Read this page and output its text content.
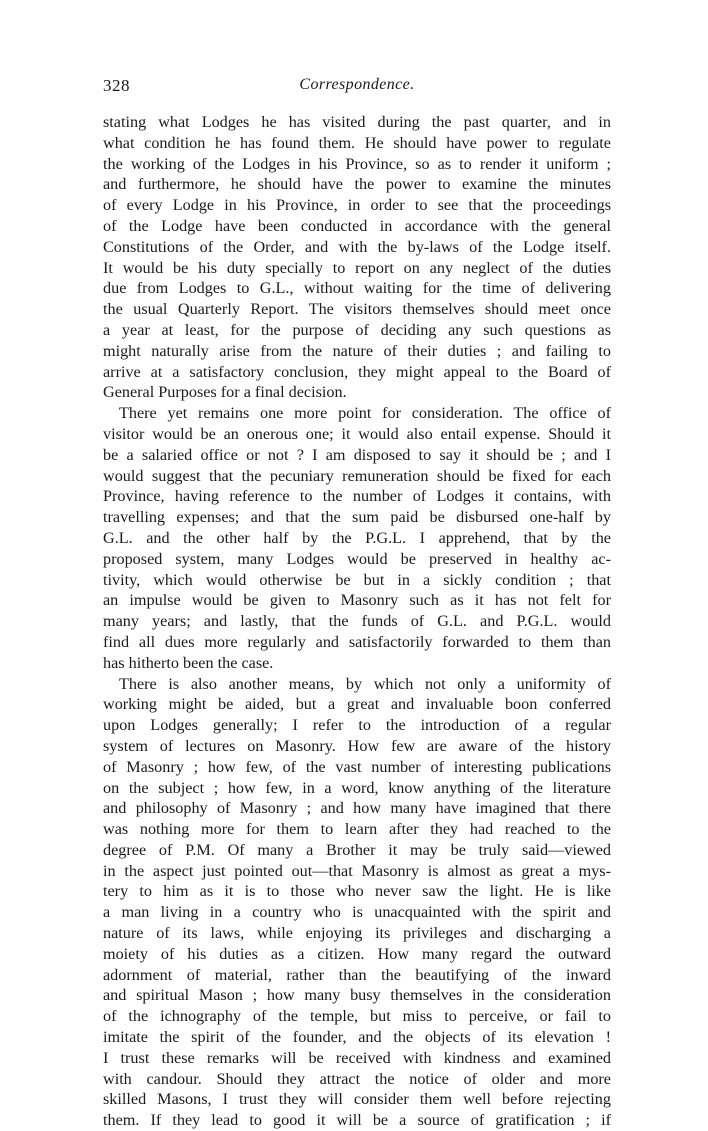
328	Correspondence.
stating what Lodges he has visited during the past quarter, and in
what condition he has found them. He should have power to regulate
the working of the Lodges in his Province, so as to render it uniform ;
and furthermore, he should have the power to examine the minutes
of every Lodge in his Province, in order to see that the proceedings
of the Lodge have been conducted in accordance with the general
Constitutions of the Order, and with the by-laws of the Lodge itself.
It would be his duty specially to report on any neglect of the duties
due from Lodges to G.L., without waiting for the time of delivering
the usual Quarterly Report. The visitors themselves should meet once
a year at least, for the purpose of deciding any such questions as
might naturally arise from the nature of their duties ; and failing to
arrive at a satisfactory conclusion, they might appeal to the Board of
General Purposes for a final decision.
There yet remains one more point for consideration. The office of
visitor would be an onerous one; it would also entail expense. Should it
be a salaried office or not ? I am disposed to say it should be ; and I
would suggest that the pecuniary remuneration should be fixed for each
Province, having reference to the number of Lodges it contains, with
travelling expenses; and that the sum paid be disbursed one-half by
G.L. and the other half by the P.G.L. I apprehend, that by the
proposed system, many Lodges would be preserved in healthy ac-
tivity, which would otherwise be but in a sickly condition ; that
an impulse would be given to Masonry such as it has not felt for
many years; and lastly, that the funds of G.L. and P.G.L. would
find all dues more regularly and satisfactorily forwarded to them than
has hitherto been the case.
There is also another means, by which not only a uniformity of
working might be aided, but a great and invaluable boon conferred
upon Lodges generally; I refer to the introduction of a regular
system of lectures on Masonry. How few are aware of the history
of Masonry ; how few, of the vast number of interesting publications
on the subject ; how few, in a word, know anything of the literature
and philosophy of Masonry ; and how many have imagined that there
was nothing more for them to learn after they had reached to the
degree of P.M. Of many a Brother it may be truly said—viewed
in the aspect just pointed out—that Masonry is almost as great a mys-
tery to him as it is to those who never saw the light. He is like
a man living in a country who is unacquainted with the spirit and
nature of its laws, while enjoying its privileges and discharging a
moiety of his duties as a citizen. How many regard the outward
adornment of material, rather than the beautifying of the inward
and spiritual Mason ; how many busy themselves in the consideration
of the ichnography of the temple, but miss to perceive, or fail to
imitate the spirit of the founder, and the objects of its elevation !
I trust these remarks will be received with kindness and examined
with candour. Should they attract the notice of older and more
skilled Masons, I trust they will consider them well before rejecting
them. If they lead to good it will be a source of gratification ; if
